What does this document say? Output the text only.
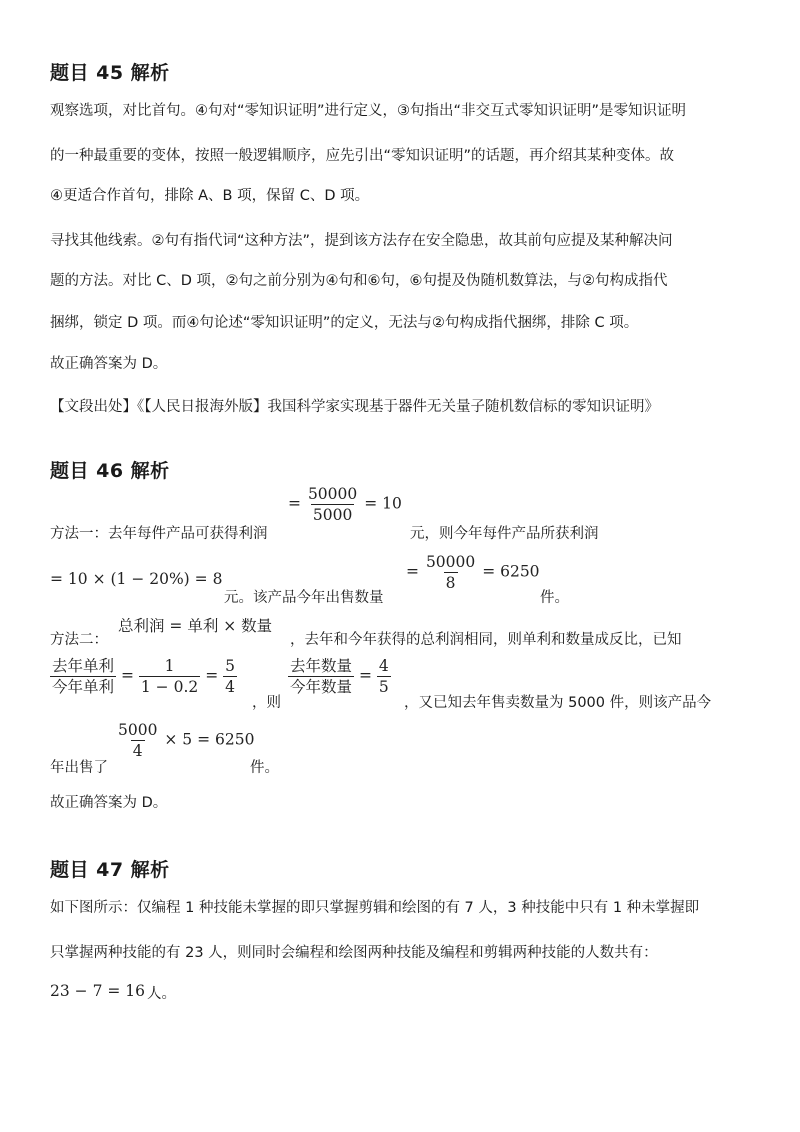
题目 45 解析
观察选项，对比首句。④句对“零知识证明”进行定义，③句指出“非交互式零知识证明”是零知识证明
的一种最重要的变体，按照一般逻辑顺序，应先引出“零知识证明”的话题，再介绍其某种变体。故
④更适合作首句，排除 A、B 项，保留 C、D 项。
寻找其他线索。②句有指代词“这种方法”，提到该方法存在安全隐患，故其前句应提及某种解决问
题的方法。对比 C、D 项，②句之前分别为④句和⑥句，⑥句提及伪随机数算法，与②句构成指代
捆绑，锁定 D 项。而④句论述“零知识证明”的定义，无法与②句构成指代捆绑，排除 C 项。
故正确答案为 D。
【文段出处】《【人民日报海外版】我国科学家实现基于器件无关量子随机数信标的零知识证明》
题目 46 解析
方法一：去年每件产品可获得利润
= $\frac{50000}{5000} = 10$
元，则今年每件产品所获利润
= 10 × (1 − 20%) = 8
元。该产品今年出售数量
= $\frac{50000}{8} = 6250$
件。
方法二：
总利润 = 单利 × 数量
，去年和今年获得的总利润相同，则单利和数量成反比，已知
$\frac{\text{去年单利}}{\text{今年单利}} = \frac{1}{1 - 0.2} = \frac{5}{4}$
，则
$\frac{\text{去年数量}}{\text{今年数量}} = \frac{4}{5}$
，又已知去年售卖数量为 5000 件，则该产品今
年出售了
$\frac{5000}{4} \times 5 = 6250$
件。
故正确答案为 D。
题目 47 解析
如下图所示：仅编程 1 种技能未掌握的即只掌握剪辑和绘图的有 7 人，3 种技能中只有 1 种未掌握即
只掌握两种技能的有 23 人，则同时会编程和绘图两种技能及编程和剪辑两种技能的人数共有：
23 − 7 = 16 人。
